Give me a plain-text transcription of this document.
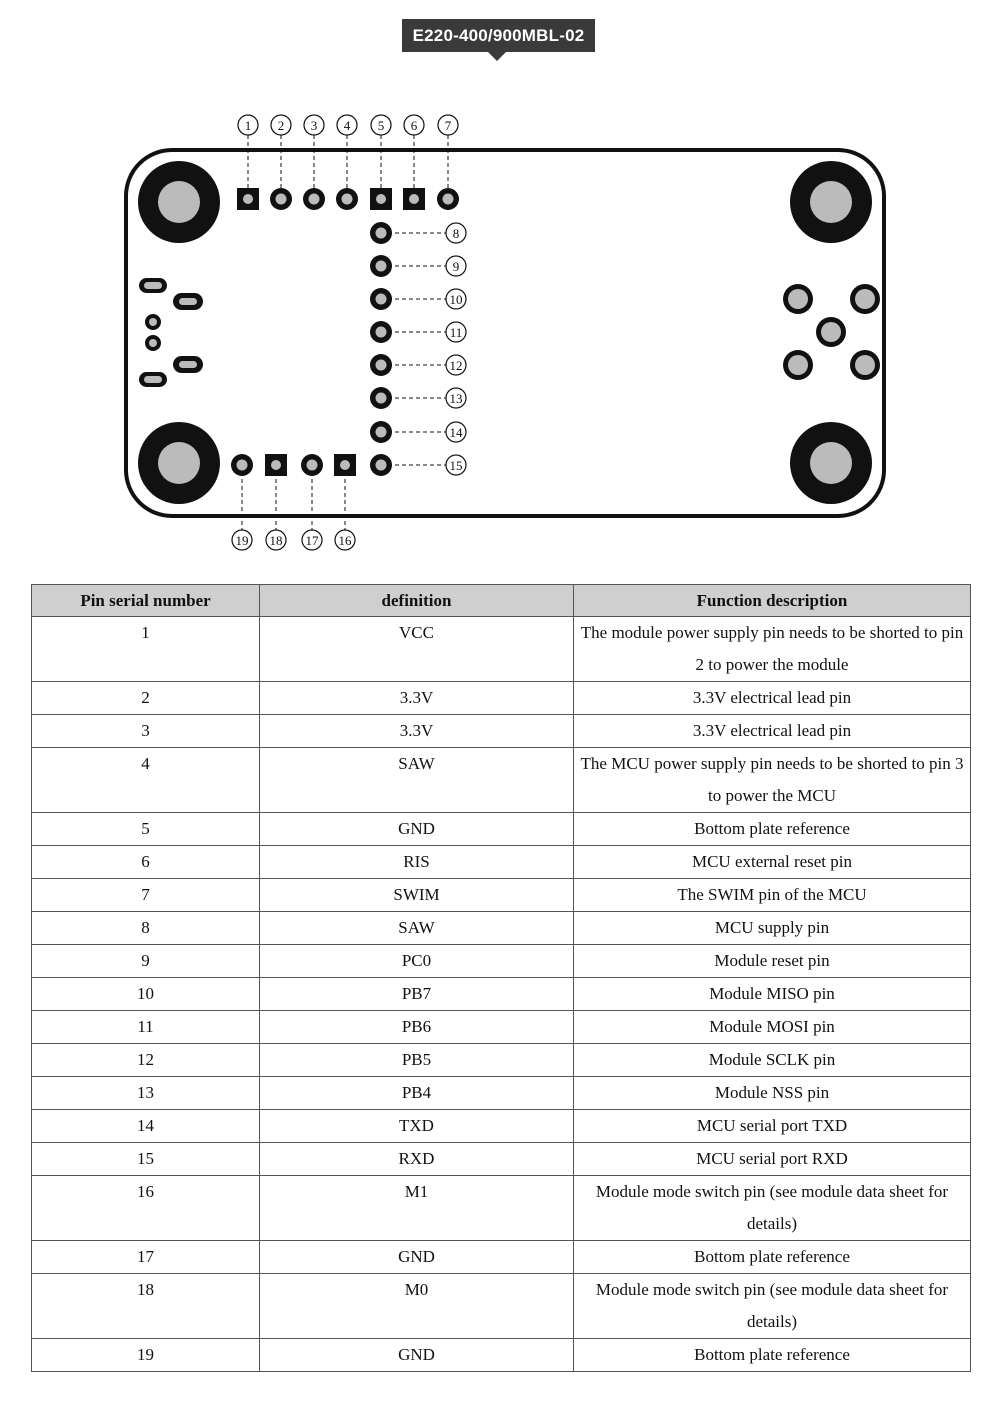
E220-400/900MBL-02
1 2 3 4 5 6 7
8
9
10
11
12
13
14
15
19 18 17 16
Pin serial number	definition	Function description
1	VCC	The module power supply pin needs to be shorted to pin 2 to power the module
2	3.3V	3.3V electrical lead pin
3	3.3V	3.3V electrical lead pin
4	SAW	The MCU power supply pin needs to be shorted to pin 3 to power the MCU
5	GND	Bottom plate reference
6	RIS	MCU external reset pin
7	SWIM	The SWIM pin of the MCU
8	SAW	MCU supply pin
9	PC0	Module reset pin
10	PB7	Module MISO pin
11	PB6	Module MOSI pin
12	PB5	Module SCLK pin
13	PB4	Module NSS pin
14	TXD	MCU serial port TXD
15	RXD	MCU serial port RXD
16	M1	Module mode switch pin (see module data sheet for details)
17	GND	Bottom plate reference
18	M0	Module mode switch pin (see module data sheet for details)
19	GND	Bottom plate reference
